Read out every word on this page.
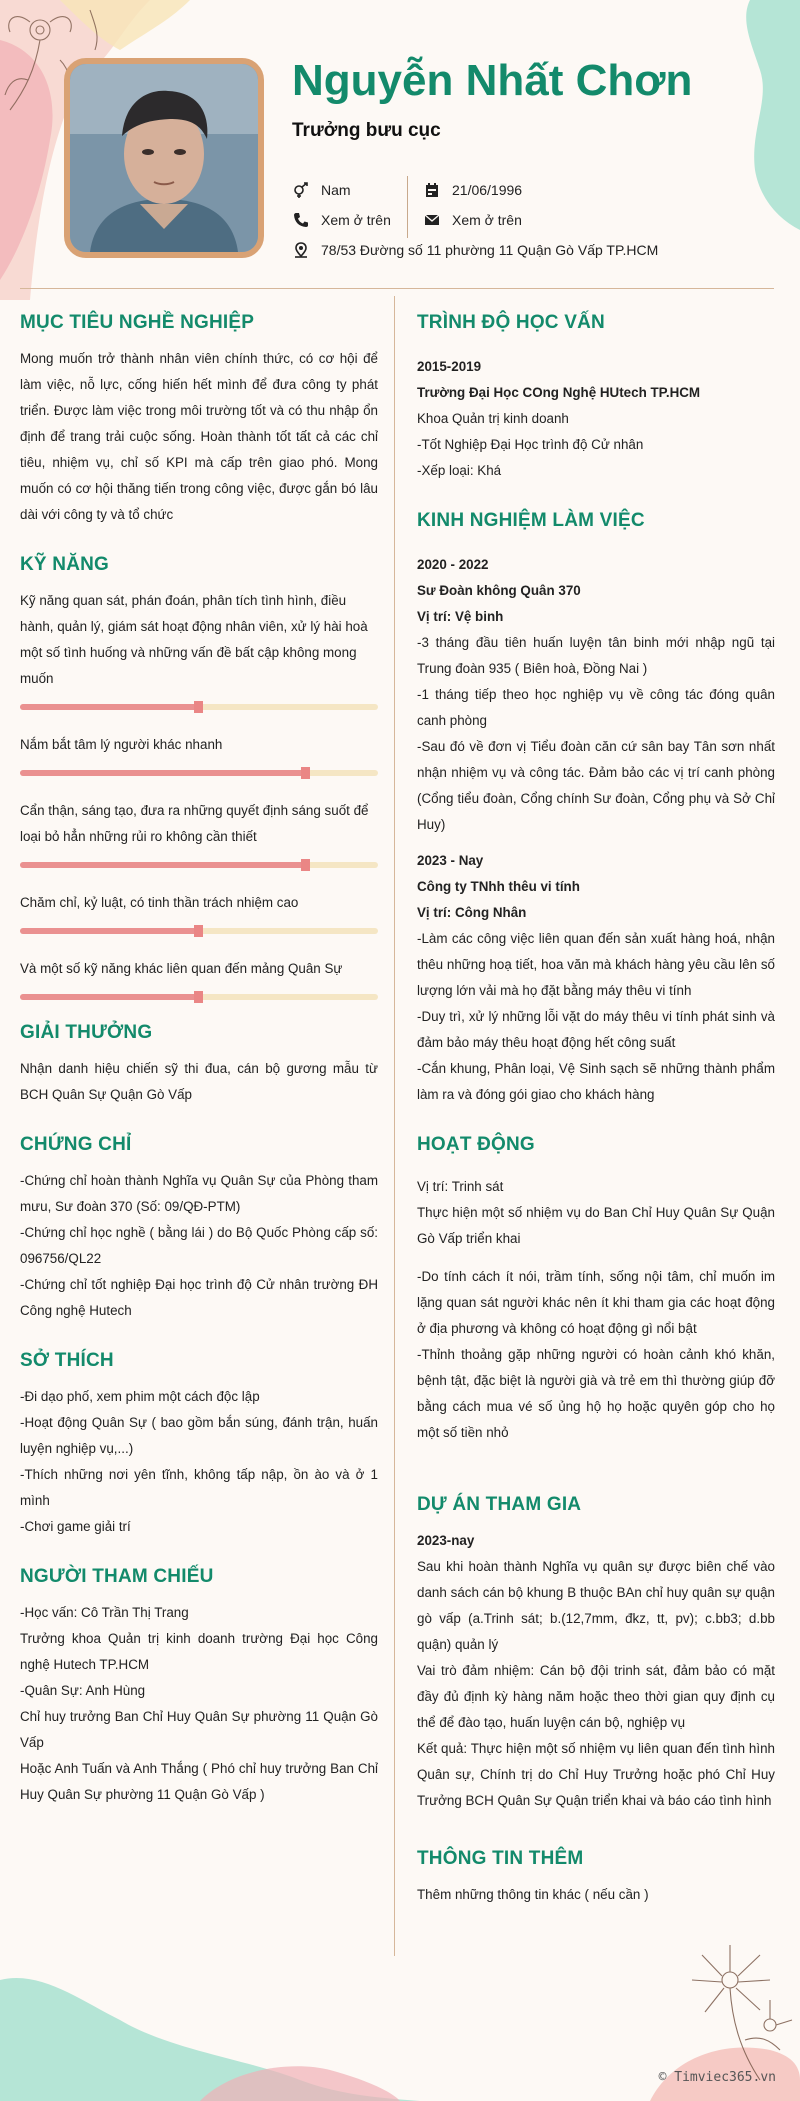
Nguyễn Nhất Chơn
Trưởng bưu cục
Nam
Xem ở trên
78/53 Đường số 11 phường 11 Quận Gò Vấp TP.HCM
21/06/1996
Xem ở trên
MỤC TIÊU NGHỀ NGHIỆP

Mong muốn trở thành nhân viên chính thức, có cơ hội để làm việc, nỗ lực, cống hiến hết mình để đưa công ty phát triển. Được làm việc trong môi trường tốt và có thu nhập ổn định để trang trải cuộc sống. Hoàn thành tốt tất cả các chỉ tiêu, nhiệm vụ, chỉ số KPI mà cấp trên giao phó. Mong muốn có cơ hội thăng tiến trong công việc, được gắn bó lâu dài với công ty và tổ chức

KỸ NĂNG
Kỹ năng quan sát, phán đoán, phân tích tình hình, điều hành, quản lý, giám sát hoạt động nhân viên, xử lý hài hoà một số tình huống và những vấn đề bất cập không mong muốn
Nắm bắt tâm lý người khác nhanh
Cẩn thận, sáng tạo, đưa ra những quyết định sáng suốt để loại bỏ hẳn những rủi ro không cần thiết
Chăm chỉ, kỷ luật, có tinh thần trách nhiệm cao
Và một số kỹ năng khác liên quan đến mảng Quân Sự
GIẢI THƯỞNG

Nhận danh hiệu chiến sỹ thi đua, cán bộ gương mẫu từ BCH Quân Sự Quận Gò Vấp

CHỨNG CHỈ

-Chứng chỉ hoàn thành Nghĩa vụ Quân Sự của Phòng tham mưu, Sư đoàn 370 (Số: 09/QĐ-PTM)

-Chứng chỉ học nghề ( bằng lái ) do Bộ Quốc Phòng cấp số: 096756/QL22

-Chứng chỉ tốt nghiệp Đại học trình độ Cử nhân trường ĐH Công nghệ Hutech

SỞ THÍCH

-Đi dạo phố, xem phim một cách độc lập

-Hoạt động Quân Sự ( bao gồm bắn súng, đánh trận, huấn luyện nghiệp vụ,...)

-Thích những nơi yên tĩnh, không tấp nập, ồn ào và ở 1 mình

-Chơi game giải trí

NGƯỜI THAM CHIẾU

-Học vấn: Cô Trần Thị Trang

Trưởng khoa Quản trị kinh doanh trường Đại học Công nghệ Hutech TP.HCM

-Quân Sự: Anh Hùng

Chỉ huy trưởng Ban Chỉ Huy Quân Sự phường 11 Quận Gò Vấp

Hoặc Anh Tuấn và Anh Thắng ( Phó chỉ huy trưởng Ban Chỉ Huy Quân Sự phường 11 Quận Gò Vấp )

TRÌNH ĐỘ HỌC VẤN

2015-2019

Trường Đại Học COng Nghệ HUtech TP.HCM

Khoa Quản trị kinh doanh

-Tốt Nghiệp Đại Học trình độ Cử nhân

-Xếp loại: Khá

KINH NGHIỆM LÀM VIỆC

2020 - 2022

Sư Đoàn không Quân 370

Vị trí: Vệ binh

-3 tháng đầu tiên huấn luyện tân binh mới nhập ngũ tại Trung đoàn 935 ( Biên hoà, Đồng Nai )

-1 tháng tiếp theo học nghiệp vụ về công tác đóng quân canh phòng

-Sau đó về đơn vị Tiểu đoàn căn cứ sân bay Tân sơn nhất nhận nhiệm vụ và công tác. Đảm bảo các vị trí canh phòng (Cổng tiểu đoàn, Cổng chính Sư đoàn, Cổng phụ và Sở Chỉ Huy)

2023 - Nay

Công ty TNhh thêu vi tính

Vị trí: Công Nhân

-Làm các công việc liên quan đến sản xuất hàng hoá, nhận thêu những hoạ tiết, hoa văn mà khách hàng yêu cầu lên số lượng lớn vải mà họ đặt bằng máy thêu vi tính

-Duy trì, xử lý những lỗi vặt do máy thêu vi tính phát sinh và đảm bảo máy thêu hoạt động hết công suất

-Cắn khung, Phân loại, Vệ Sinh sạch sẽ những thành phẩm làm ra và đóng gói giao cho khách hàng

HOẠT ĐỘNG

Vị trí: Trinh sát

Thực hiện một số nhiệm vụ do Ban Chỉ Huy Quân Sự Quận Gò Vấp triển khai

-Do tính cách ít nói, trầm tính, sống nội tâm, chỉ muốn im lặng quan sát người khác nên ít khi tham gia các hoạt động ở địa phương và không có hoạt động gì nổi bật

-Thỉnh thoảng gặp những người có hoàn cảnh khó khăn, bệnh tật, đặc biệt là người già và trẻ em thì thường giúp đỡ bằng cách mua vé số ủng hộ họ hoặc quyên góp cho họ một số tiền nhỏ

DỰ ÁN THAM GIA

2023-nay

Sau khi hoàn thành Nghĩa vụ quân sự được biên chế vào danh sách cán bộ khung B thuộc BAn chỉ huy quân sự quận gò vấp (a.Trinh sát; b.(12,7mm, đkz, tt, pv); c.bb3; d.bb quận) quản lý

Vai trò đảm nhiệm: Cán bộ đội trinh sát, đảm bảo có mặt đầy đủ định kỳ hàng năm hoặc theo thời gian quy định cụ thể để đào tạo, huấn luyện cán bộ, nghiệp vụ

Kết quả: Thực hiện một số nhiệm vụ liên quan đến tình hình Quân sự, Chính trị do Chỉ Huy Trưởng hoặc phó Chỉ Huy Trưởng BCH Quân Sự Quận triển khai và báo cáo tình hình

THÔNG TIN THÊM

Thêm những thông tin khác ( nếu cần )

© Timviec365.vn
